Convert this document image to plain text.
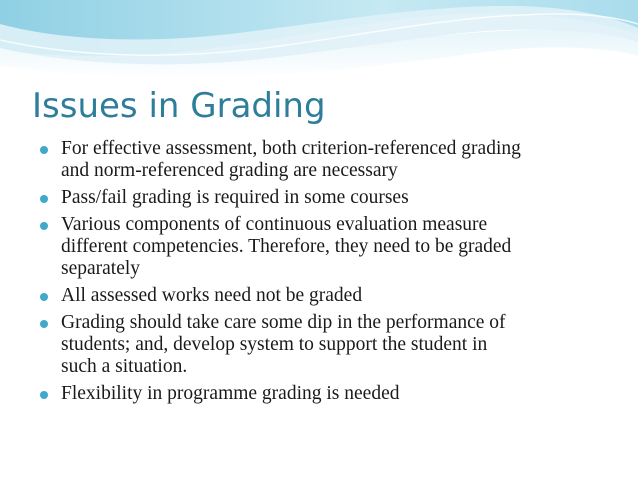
Issues in Grading
For effective assessment, both criterion-referenced grading
and norm-referenced grading are necessary
Pass/fail grading is required in some courses
Various components of continuous evaluation measure
different competencies. Therefore, they need to be graded
separately
All assessed works need not be graded
Grading should take care some dip in the performance of
students; and, develop system to support the student in
such a situation.
Flexibility in programme grading is needed
